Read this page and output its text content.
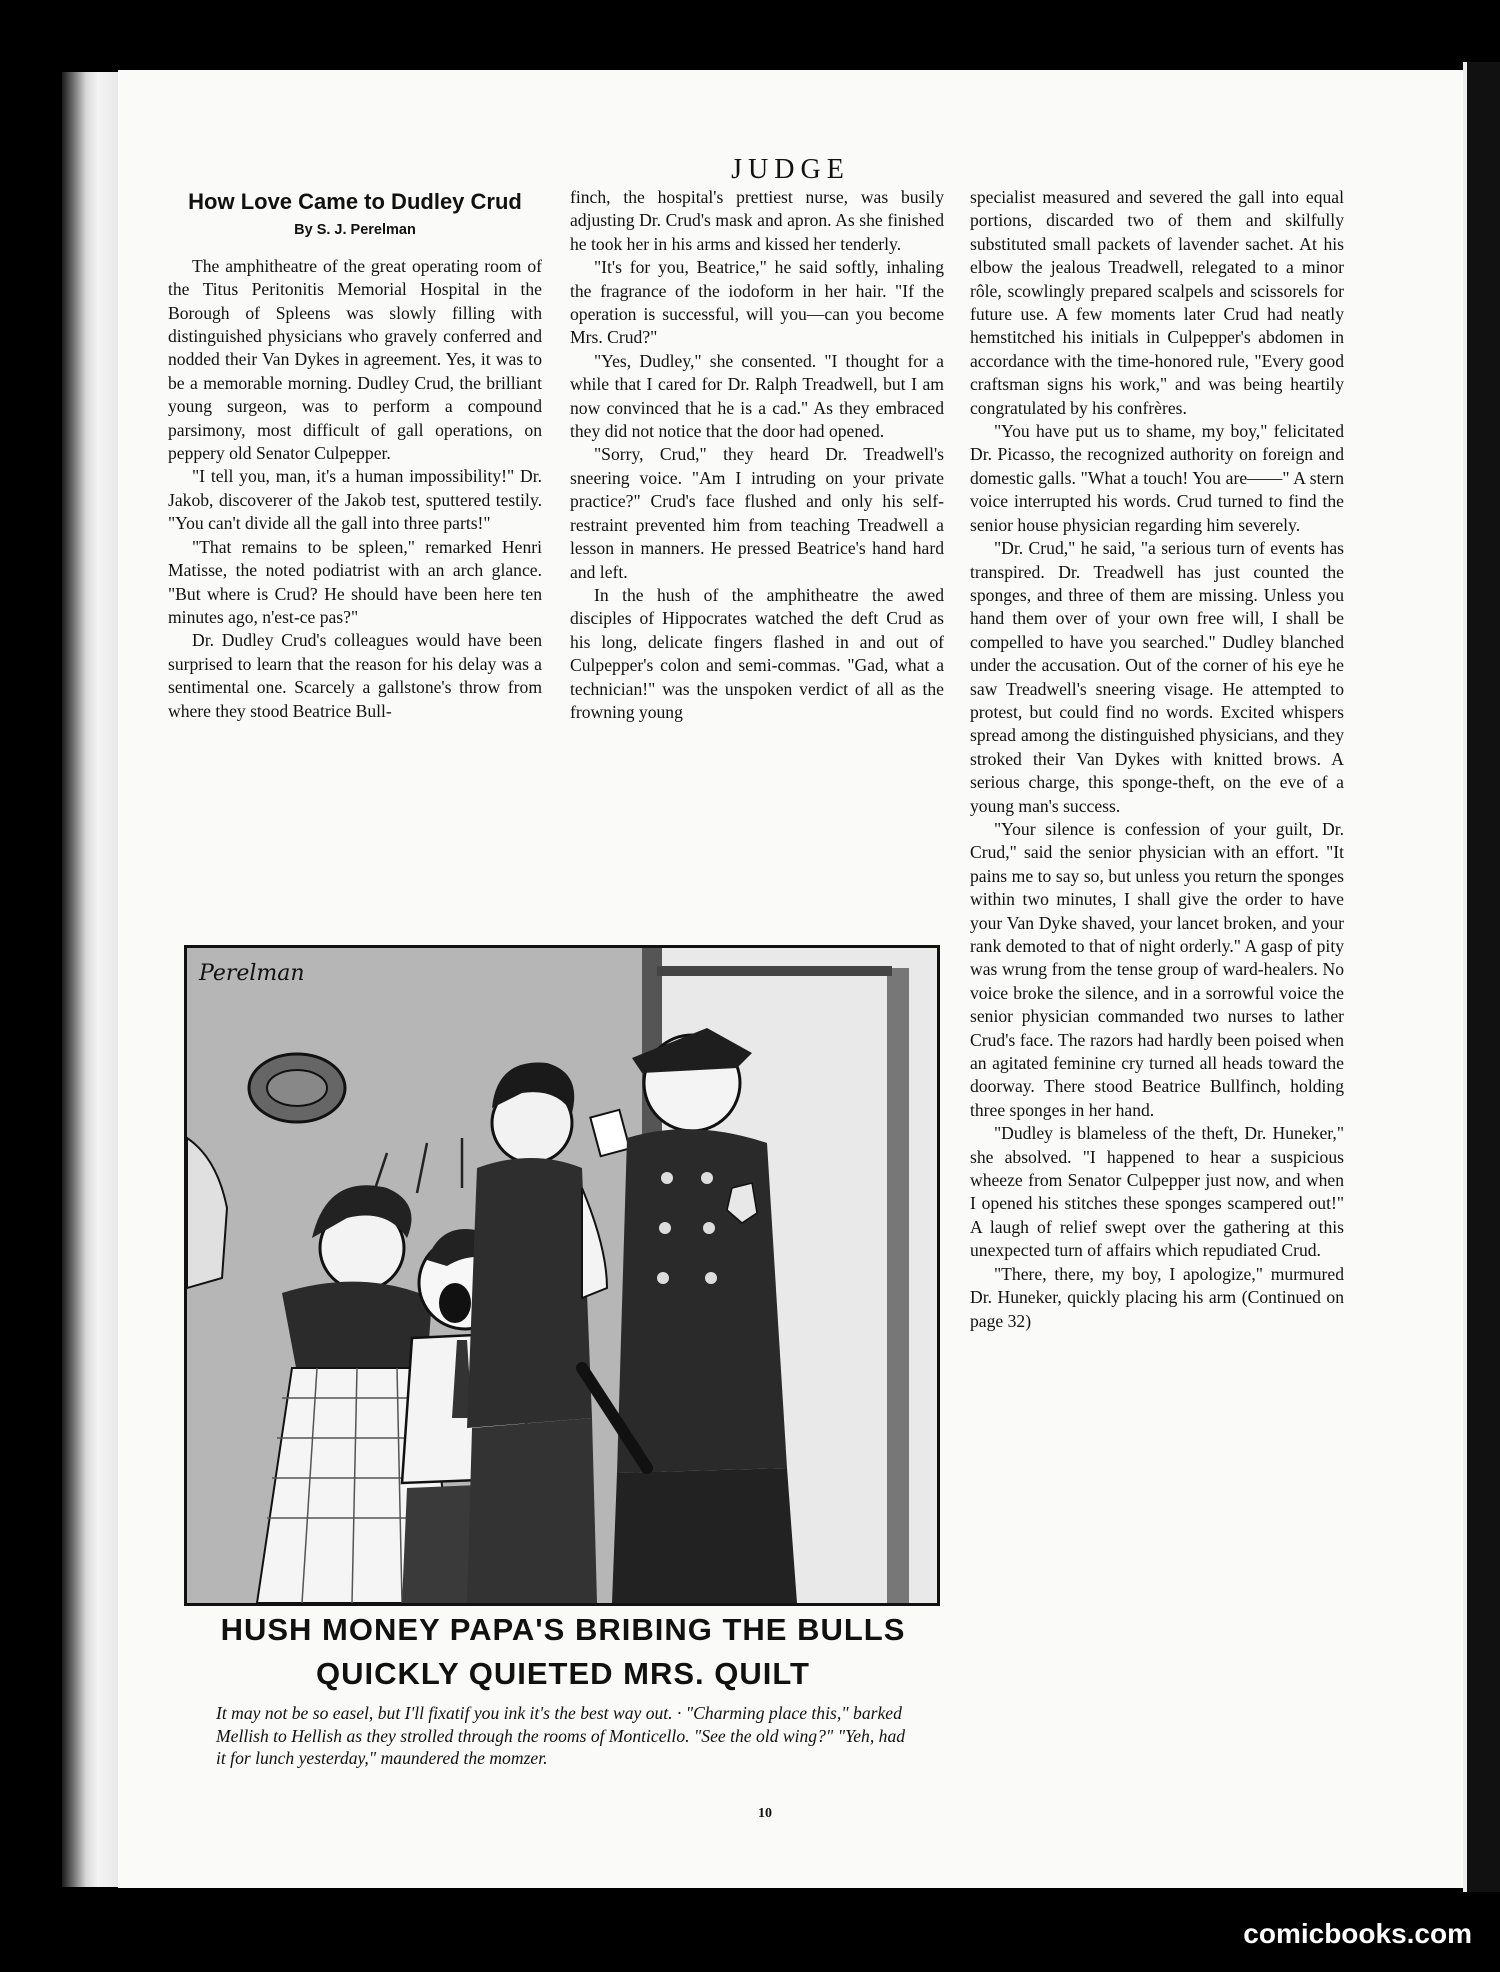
JUDGE
How Love Came to Dudley Crud
By S. J. Perelman

The amphitheatre of the great operating room of the Titus Peritonitis Memorial Hospital in the Borough of Spleens was slowly filling with distinguished physicians who gravely conferred and nodded their Van Dykes in agreement. Yes, it was to be a memorable morning. Dudley Crud, the brilliant young surgeon, was to perform a compound parsimony, most difficult of gall operations, on peppery old Senator Culpepper.

"I tell you, man, it's a human impossibility!" Dr. Jakob, discoverer of the Jakob test, sputtered testily. "You can't divide all the gall into three parts!"

"That remains to be spleen," remarked Henri Matisse, the noted podiatrist with an arch glance. "But where is Crud? He should have been here ten minutes ago, n'est-ce pas?"

Dr. Dudley Crud's colleagues would have been surprised to learn that the reason for his delay was a sentimental one. Scarcely a gallstone's throw from where they stood Beatrice Bull-

finch, the hospital's prettiest nurse, was busily adjusting Dr. Crud's mask and apron. As she finished he took her in his arms and kissed her tenderly.

"It's for you, Beatrice," he said softly, inhaling the fragrance of the iodoform in her hair. "If the operation is successful, will you—can you become Mrs. Crud?"

"Yes, Dudley," she consented. "I thought for a while that I cared for Dr. Ralph Treadwell, but I am now convinced that he is a cad." As they embraced they did not notice that the door had opened.

"Sorry, Crud," they heard Dr. Treadwell's sneering voice. "Am I intruding on your private practice?" Crud's face flushed and only his self-restraint prevented him from teaching Treadwell a lesson in manners. He pressed Beatrice's hand hard and left.

In the hush of the amphitheatre the awed disciples of Hippocrates watched the deft Crud as his long, delicate fingers flashed in and out of Culpepper's colon and semi-commas. "Gad, what a technician!" was the unspoken verdict of all as the frowning young

specialist measured and severed the gall into equal portions, discarded two of them and skilfully substituted small packets of lavender sachet. At his elbow the jealous Treadwell, relegated to a minor rôle, scowlingly prepared scalpels and scissorels for future use. A few moments later Crud had neatly hemstitched his initials in Culpepper's abdomen in accordance with the time-honored rule, "Every good craftsman signs his work," and was being heartily congratulated by his confrères.

"You have put us to shame, my boy," felicitated Dr. Picasso, the recognized authority on foreign and domestic galls. "What a touch! You are——" A stern voice interrupted his words. Crud turned to find the senior house physician regarding him severely.

"Dr. Crud," he said, "a serious turn of events has transpired. Dr. Treadwell has just counted the sponges, and three of them are missing. Unless you hand them over of your own free will, I shall be compelled to have you searched." Dudley blanched under the accusation. Out of the corner of his eye he saw Treadwell's sneering visage. He attempted to protest, but could find no words. Excited whispers spread among the distinguished physicians, and they stroked their Van Dykes with knitted brows. A serious charge, this sponge-theft, on the eve of a young man's success.

"Your silence is confession of your guilt, Dr. Crud," said the senior physician with an effort. "It pains me to say so, but unless you return the sponges within two minutes, I shall give the order to have your Van Dyke shaved, your lancet broken, and your rank demoted to that of night orderly." A gasp of pity was wrung from the tense group of ward-healers. No voice broke the silence, and in a sorrowful voice the senior physician commanded two nurses to lather Crud's face. The razors had hardly been poised when an agitated feminine cry turned all heads toward the doorway. There stood Beatrice Bullfinch, holding three sponges in her hand.

"Dudley is blameless of the theft, Dr. Huneker," she absolved. "I happened to hear a suspicious wheeze from Senator Culpepper just now, and when I opened his stitches these sponges scampered out!" A laugh of relief swept over the gathering at this unexpected turn of affairs which repudiated Crud.

"There, there, my boy, I apologize," murmured Dr. Huneker, quickly placing his arm (Continued on page 32)

Perelman
HUSH MONEY PAPA'S BRIBING THE BULLS
QUICKLY QUIETED MRS. QUILT
It may not be so easel, but I'll fixatif you ink it's the best way out. · "Charming place this," barked Mellish to Hellish as they strolled through the rooms of Monticello. "See the old wing?" "Yeh, had it for lunch yesterday," maundered the momzer.
10
comicbooks.com
